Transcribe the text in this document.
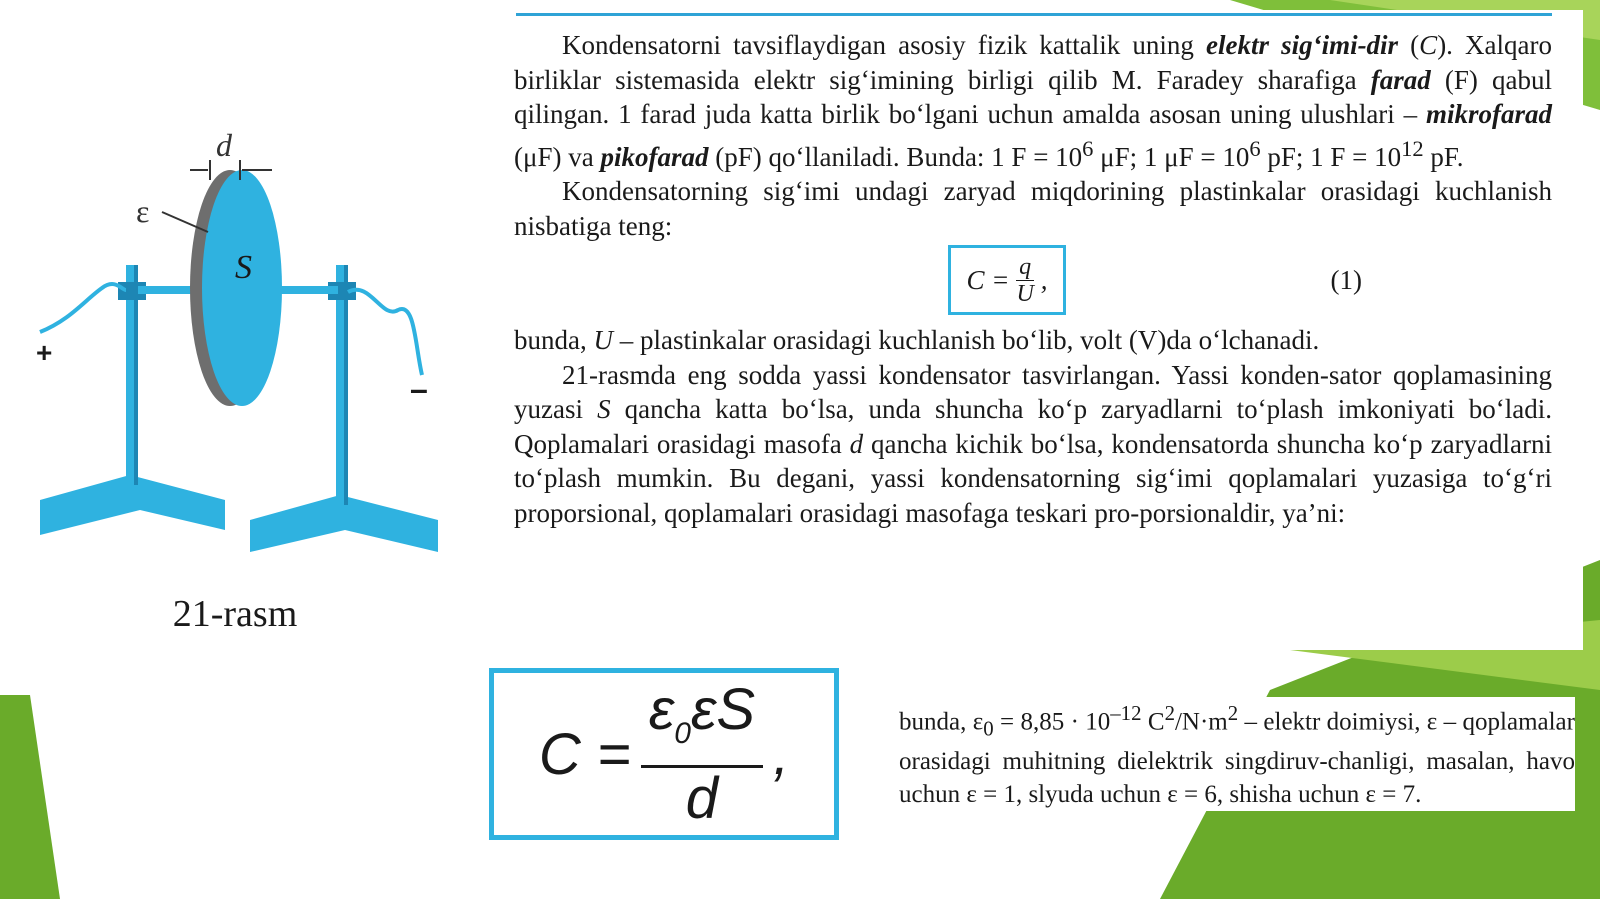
d
ε
S
+
–
21-rasm

Kondensatorni tavsiflaydigan asosiy fizik kattalik uning elektr sig‘imi-dir (C). Xalqaro birliklar sistemasida elektr sig‘imining birligi qilib M. Faradey sharafiga farad (F) qabul qilingan. 1 farad juda katta birlik bo‘lgani uchun amalda asosan uning ulushlari – mikrofarad (μF) va pikofarad (pF) qo‘llaniladi. Bunda: 1 $F = 10^6$ μF; 1 $\mu F = 10^6$ pF; 1 $F = 10^{12}$ pF.

Kondensatorning sig‘imi undagi zaryad miqdorining plastinkalar orasidagi kuchlanish nisbatiga teng:

$C = \frac{q}{U}$ ,	(1)

bunda, U – plastinkalar orasidagi kuchlanish bo‘lib, volt (V)da o‘lchanadi.

21-rasmda eng sodda yassi kondensator tasvirlangan. Yassi konden-sator qoplamasining yuzasi S qancha katta bo‘lsa, unda shuncha ko‘p zaryadlarni to‘plash imkoniyati bo‘ladi. Qoplamalari orasidagi masofa d qancha kichik bo‘lsa, kondensatorda shuncha ko‘p zaryadlarni to‘plash mumkin. Bu degani, yassi kondensatorning sig‘imi qoplamalari yuzasiga to‘g‘ri proporsional, qoplamalari orasidagi masofaga teskari pro-porsionaldir, ya’ni:

$C = \frac{\varepsilon_0\varepsilon S}{d}$ ,	bunda, $\varepsilon_0 = 8,85 \cdot 10^{-12}$ $C^2/N\cdot m^2$ – elektr doimiysi, ε – qoplamalar orasidagi muhitning dielektrik singdiruv-chanligi, masalan, havo uchun ε = 1, slyuda uchun ε = 6, shisha uchun ε = 7.
